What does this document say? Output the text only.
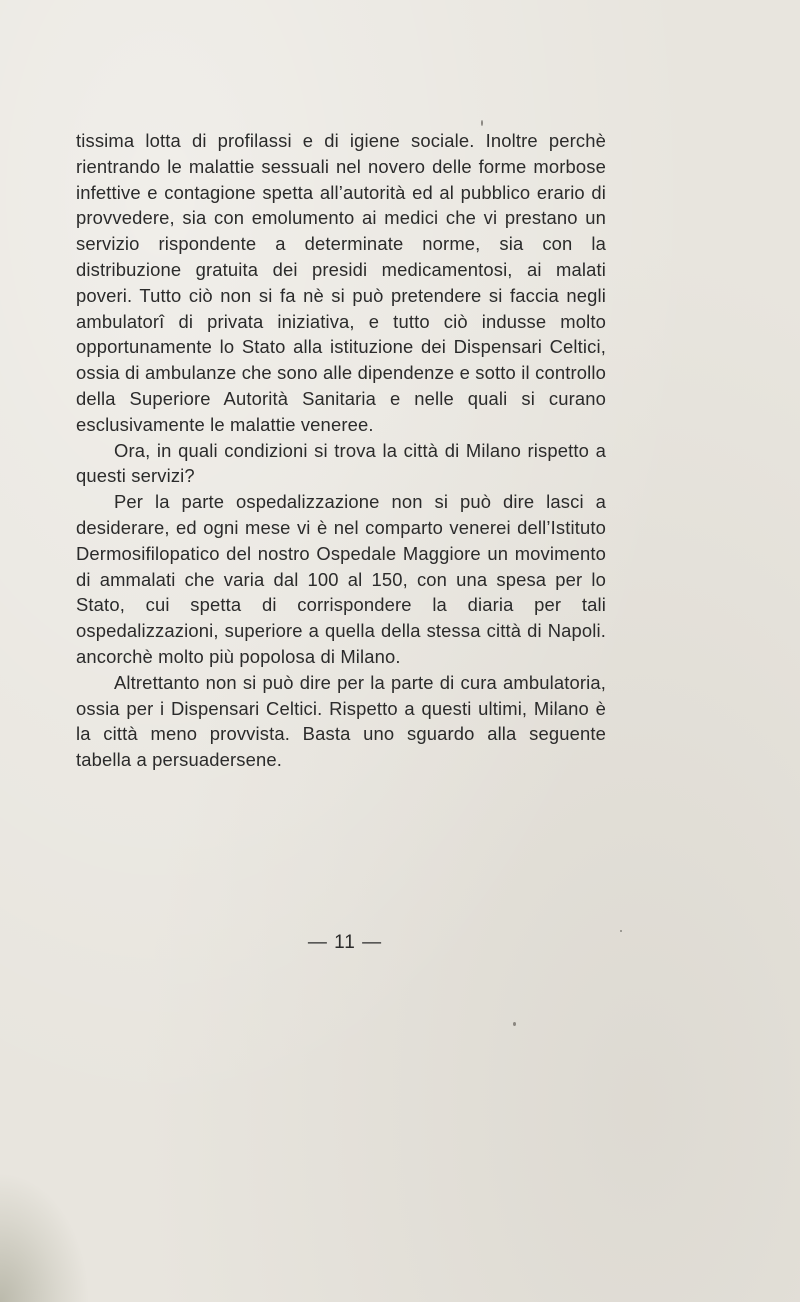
tissima lotta di profilassi e di igiene sociale. Inoltre perchè rientrando le malattie sessuali nel novero delle forme morbose infettive e contagione spetta all’autorità ed al pubblico erario di provvedere, sia con emolumento ai medici che vi prestano un servizio rispondente a determinate norme, sia con la distribuzione gratuita dei presidi medicamentosi, ai malati poveri. Tutto ciò non si fa nè si può pretendere si faccia negli ambulatorî di privata iniziativa, e tutto ciò indusse molto opportunamente lo Stato alla istituzione dei Dispensari Celtici, ossia di ambulanze che sono alle dipendenze e sotto il controllo della Superiore Autorità Sanitaria e nelle quali si curano esclusivamente le malattie veneree.

Ora, in quali condizioni si trova la città di Milano rispetto a questi servizi?

Per la parte ospedalizzazione non si può dire lasci a desiderare, ed ogni mese vi è nel comparto venerei dell’Istituto Dermosifilopatico del nostro Ospedale Maggiore un movimento di ammalati che varia dal 100 al 150, con una spesa per lo Stato, cui spetta di corrispondere la diaria per tali ospedalizzazioni, superiore a quella della stessa città di Napoli. ancorchè molto più popolosa di Milano.

Altrettanto non si può dire per la parte di cura ambulatoria, ossia per i Dispensari Celtici. Rispetto a questi ultimi, Milano è la città meno provvista. Basta uno sguardo alla seguente tabella a persuadersene.

— 11 —
